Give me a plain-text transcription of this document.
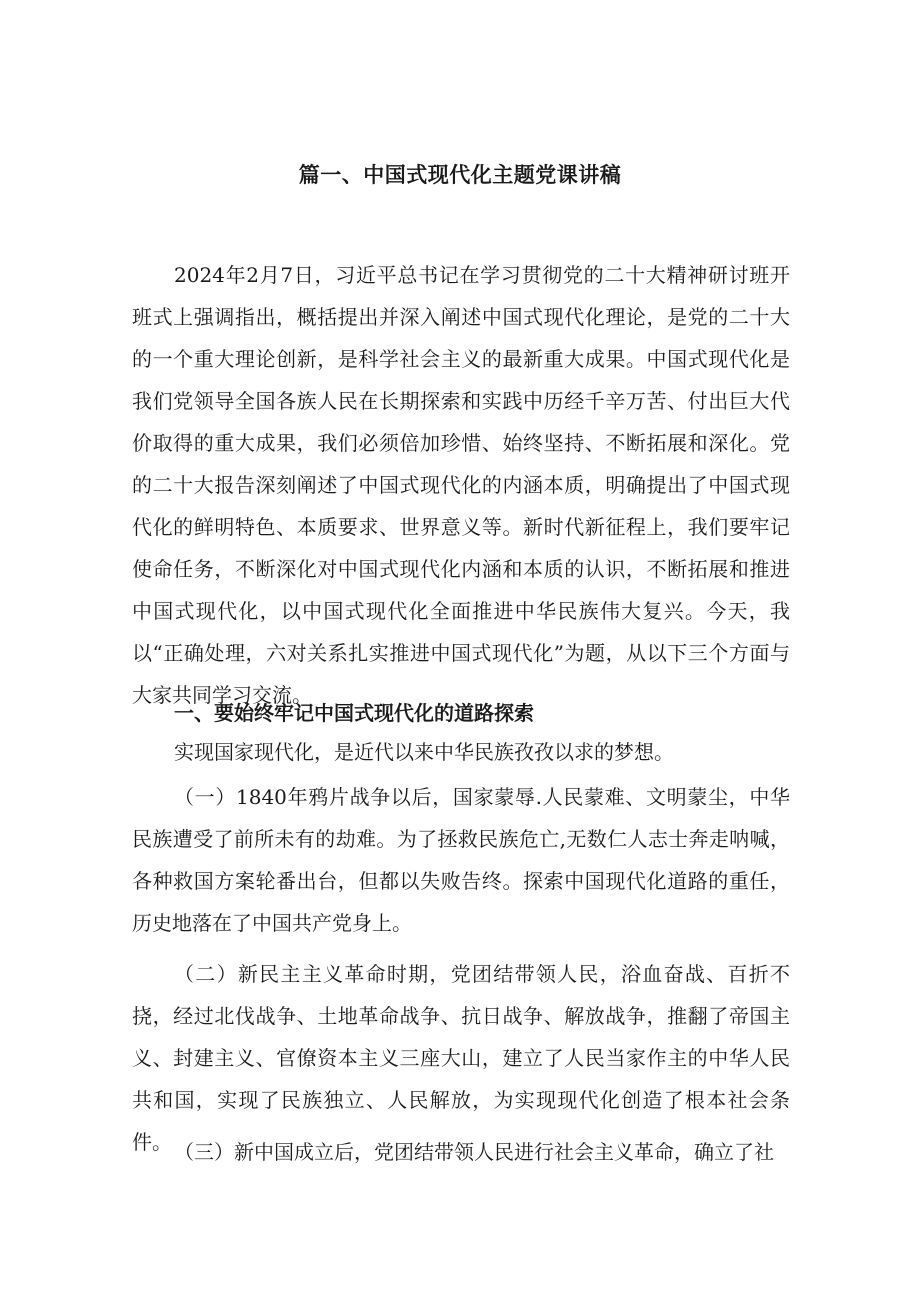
篇一、中国式现代化主题党课讲稿

2024年2月7日，习近平总书记在学习贯彻党的二十大精神研讨班开班式上强调指出，概括提出并深入阐述中国式现代化理论，是党的二十大的一个重大理论创新，是科学社会主义的最新重大成果。中国式现代化是我们党领导全国各族人民在长期探索和实践中历经千辛万苦、付出巨大代价取得的重大成果，我们必须倍加珍惜、始终坚持、不断拓展和深化。党的二十大报告深刻阐述了中国式现代化的内涵本质，明确提出了中国式现代化的鲜明特色、本质要求、世界意义等。新时代新征程上，我们要牢记使命任务，不断深化对中国式现代化内涵和本质的认识，不断拓展和推进中国式现代化，以中国式现代化全面推进中华民族伟大复兴。今天，我以“正确处理，六对关系扎实推进中国式现代化”为题，从以下三个方面与大家共同学习交流。

一、要始终牢记中国式现代化的道路探索

实现国家现代化，是近代以来中华民族孜孜以求的梦想。

（一）1840年鸦片战争以后，国家蒙辱.人民蒙难、文明蒙尘，中华民族遭受了前所未有的劫难。为了拯救民族危亡,无数仁人志士奔走呐喊，各种救国方案轮番出台，但都以失败告终。探索中国现代化道路的重任，历史地落在了中国共产党身上。

（二）新民主主义革命时期，党团结带领人民，浴血奋战、百折不挠，经过北伐战争、土地革命战争、抗日战争、解放战争，推翻了帝国主义、封建主义、官僚资本主义三座大山，建立了人民当家作主的中华人民共和国，实现了民族独立、人民解放，为实现现代化创造了根本社会条件。 （三）新中国成立后，党团结带领人民进行社会主义革命，确立了社
